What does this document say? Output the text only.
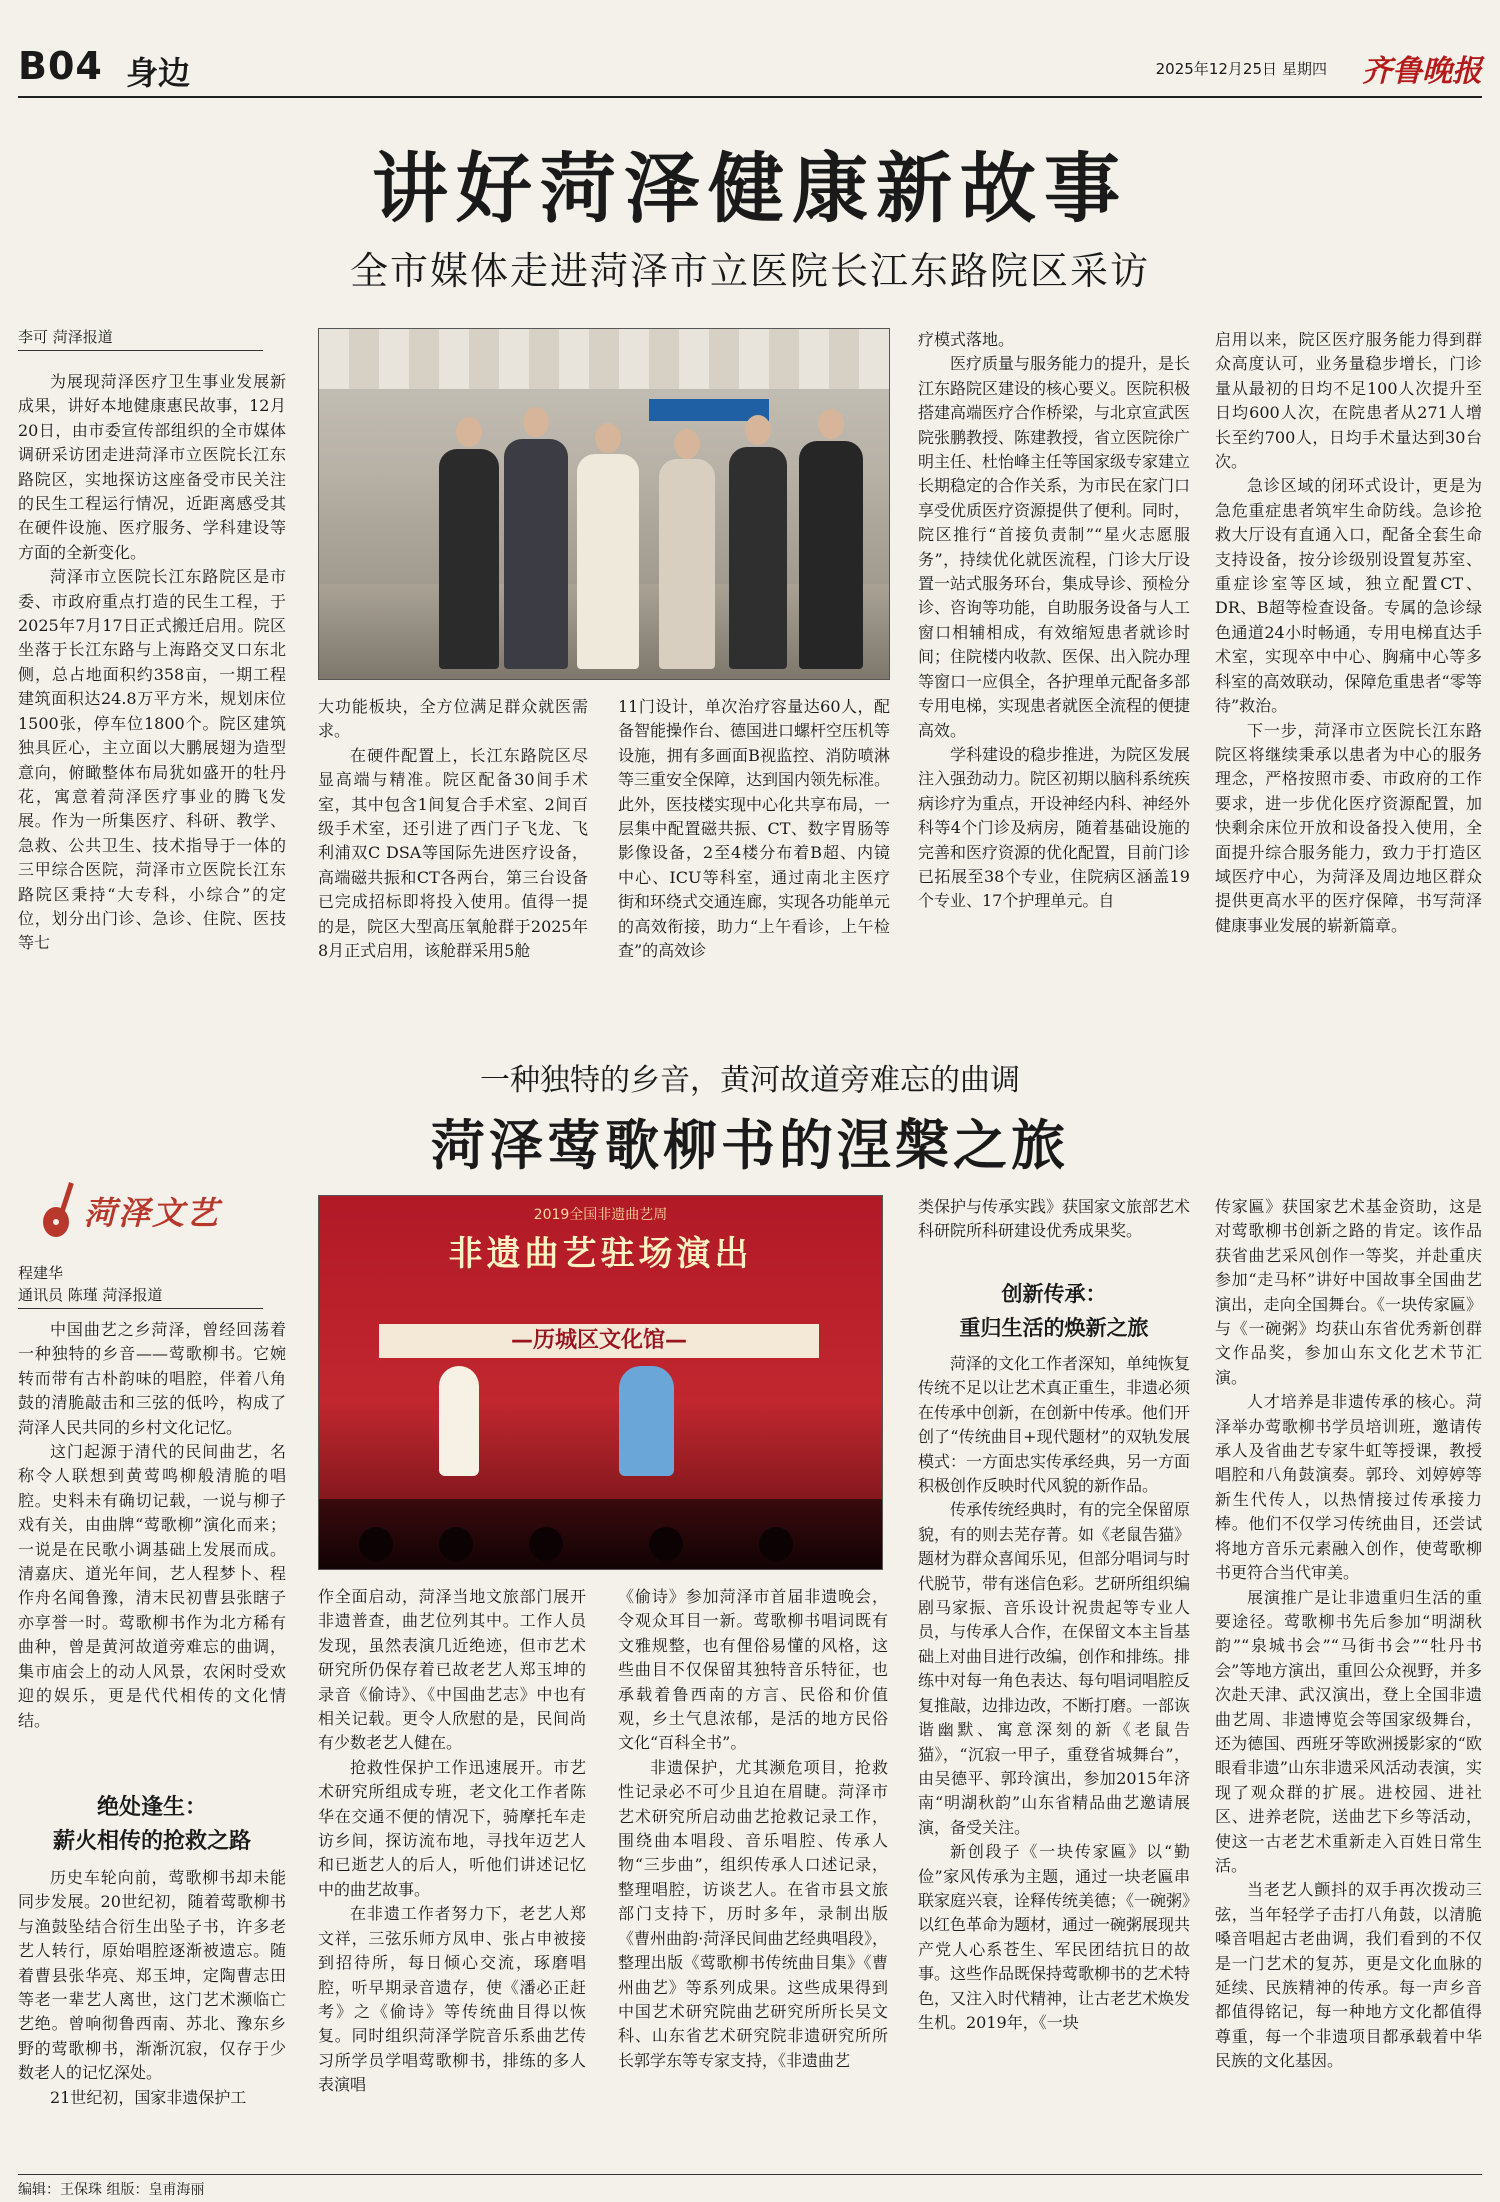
B04 身边	2025年12月25日 星期四 齐鲁晚报
讲好菏泽健康新故事
全市媒体走进菏泽市立医院长江东路院区采访
李可 菏泽报道

为展现菏泽医疗卫生事业发展新成果，讲好本地健康惠民故事，12月20日，由市委宣传部组织的全市媒体调研采访团走进菏泽市立医院长江东路院区，实地探访这座备受市民关注的民生工程运行情况，近距离感受其在硬件设施、医疗服务、学科建设等方面的全新变化。

菏泽市立医院长江东路院区是市委、市政府重点打造的民生工程，于2025年7月17日正式搬迁启用。院区坐落于长江东路与上海路交叉口东北侧，总占地面积约358亩，一期工程建筑面积达24.8万平方米，规划床位1500张，停车位1800个。院区建筑独具匠心，主立面以大鹏展翅为造型意向，俯瞰整体布局犹如盛开的牡丹花，寓意着菏泽医疗事业的腾飞发展。作为一所集医疗、科研、教学、急救、公共卫生、技术指导于一体的三甲综合医院，菏泽市立医院长江东路院区秉持“大专科，小综合”的定位，划分出门诊、急诊、住院、医技等七

大功能板块，全方位满足群众就医需求。

在硬件配置上，长江东路院区尽显高端与精准。院区配备30间手术室，其中包含1间复合手术室、2间百级手术室，还引进了西门子飞龙、飞利浦双C DSA等国际先进医疗设备，高端磁共振和CT各两台，第三台设备已完成招标即将投入使用。值得一提的是，院区大型高压氧舱群于2025年8月正式启用，该舱群采用5舱

11门设计，单次治疗容量达60人，配备智能操作台、德国进口螺杆空压机等设施，拥有多画面B视监控、消防喷淋等三重安全保障，达到国内领先标准。此外，医技楼实现中心化共享布局，一层集中配置磁共振、CT、数字胃肠等影像设备，2至4楼分布着B超、内镜中心、ICU等科室，通过南北主医疗街和环绕式交通连廊，实现各功能单元的高效衔接，助力“上午看诊，上午检查”的高效诊

疗模式落地。

医疗质量与服务能力的提升，是长江东路院区建设的核心要义。医院积极搭建高端医疗合作桥梁，与北京宣武医院张鹏教授、陈建教授，省立医院徐广明主任、杜怡峰主任等国家级专家建立长期稳定的合作关系，为市民在家门口享受优质医疗资源提供了便利。同时，院区推行“首接负责制”“星火志愿服务”，持续优化就医流程，门诊大厅设置一站式服务环台，集成导诊、预检分诊、咨询等功能，自助服务设备与人工窗口相辅相成，有效缩短患者就诊时间；住院楼内收款、医保、出入院办理等窗口一应俱全，各护理单元配备多部专用电梯，实现患者就医全流程的便捷高效。

学科建设的稳步推进，为院区发展注入强劲动力。院区初期以脑科系统疾病诊疗为重点，开设神经内科、神经外科等4个门诊及病房，随着基础设施的完善和医疗资源的优化配置，目前门诊已拓展至38个专业，住院病区涵盖19个专业、17个护理单元。自

启用以来，院区医疗服务能力得到群众高度认可，业务量稳步增长，门诊量从最初的日均不足100人次提升至日均600人次，在院患者从271人增长至约700人，日均手术量达到30台次。

急诊区域的闭环式设计，更是为急危重症患者筑牢生命防线。急诊抢救大厅设有直通入口，配备全套生命支持设备，按分诊级别设置复苏室、重症诊室等区域，独立配置CT、DR、B超等检查设备。专属的急诊绿色通道24小时畅通，专用电梯直达手术室，实现卒中中心、胸痛中心等多科室的高效联动，保障危重患者“零等待”救治。

下一步，菏泽市立医院长江东路院区将继续秉承以患者为中心的服务理念，严格按照市委、市政府的工作要求，进一步优化医疗资源配置，加快剩余床位开放和设备投入使用，全面提升综合服务能力，致力于打造区域医疗中心，为菏泽及周边地区群众提供更高水平的医疗保障，书写菏泽健康事业发展的崭新篇章。

一种独特的乡音，黄河故道旁难忘的曲调
菏泽莺歌柳书的涅槃之旅
菏泽文艺
程建华
通讯员 陈瑾 菏泽报道

中国曲艺之乡菏泽，曾经回荡着一种独特的乡音——莺歌柳书。它婉转而带有古朴韵味的唱腔，伴着八角鼓的清脆敲击和三弦的低吟，构成了菏泽人民共同的乡村文化记忆。

这门起源于清代的民间曲艺，名称令人联想到黄莺鸣柳般清脆的唱腔。史料未有确切记载，一说与柳子戏有关，由曲牌“莺歌柳”演化而来；一说是在民歌小调基础上发展而成。清嘉庆、道光年间，艺人程梦卜、程作舟名闻鲁豫，清末民初曹县张瞎子亦享誉一时。莺歌柳书作为北方稀有曲种，曾是黄河故道旁难忘的曲调，集市庙会上的动人风景，农闲时受欢迎的娱乐，更是代代相传的文化情结。

绝处逢生：
薪火相传的抢救之路

历史车轮向前，莺歌柳书却未能同步发展。20世纪初，随着莺歌柳书与渔鼓坠结合衍生出坠子书，许多老艺人转行，原始唱腔逐渐被遗忘。随着曹县张华亮、郑玉坤，定陶曹志田等老一辈艺人离世，这门艺术濒临亡艺绝。曾响彻鲁西南、苏北、豫东乡野的莺歌柳书，渐渐沉寂，仅存于少数老人的记忆深处。

21世纪初，国家非遗保护工

2019全国非遗曲艺周
非遗曲艺驻场演出
—历城区文化馆—

作全面启动，菏泽当地文旅部门展开非遗普查，曲艺位列其中。工作人员发现，虽然表演几近绝迹，但市艺术研究所仍保存着已故老艺人郑玉坤的录音《偷诗》、《中国曲艺志》中也有相关记载。更令人欣慰的是，民间尚有少数老艺人健在。

抢救性保护工作迅速展开。市艺术研究所组成专班，老文化工作者陈华在交通不便的情况下，骑摩托车走访乡间，探访流布地，寻找年迈艺人和已逝艺人的后人，听他们讲述记忆中的曲艺故事。

在非遗工作者努力下，老艺人郑文祥，三弦乐师方凤申、张占申被接到招待所，每日倾心交流，琢磨唱腔，听早期录音遗存，使《潘必正赶考》之《偷诗》等传统曲目得以恢复。同时组织菏泽学院音乐系曲艺传习所学员学唱莺歌柳书，排练的多人表演唱

《偷诗》参加菏泽市首届非遗晚会，令观众耳目一新。莺歌柳书唱词既有文雅规整，也有俚俗易懂的风格，这些曲目不仅保留其独特音乐特征，也承载着鲁西南的方言、民俗和价值观，乡土气息浓郁，是活的地方民俗文化“百科全书”。

非遗保护，尤其濒危项目，抢救性记录必不可少且迫在眉睫。菏泽市艺术研究所启动曲艺抢救记录工作，围绕曲本唱段、音乐唱腔、传承人物“三步曲”，组织传承人口述记录，整理唱腔，访谈艺人。在省市县文旅部门支持下，历时多年，录制出版《曹州曲韵·菏泽民间曲艺经典唱段》，整理出版《莺歌柳书传统曲目集》《曹州曲艺》等系列成果。这些成果得到中国艺术研究院曲艺研究所所长吴文科、山东省艺术研究院非遗研究所所长郭学东等专家支持，《非遗曲艺

类保护与传承实践》获国家文旅部艺术科研院所科研建设优秀成果奖。

创新传承：
重归生活的焕新之旅

菏泽的文化工作者深知，单纯恢复传统不足以让艺术真正重生，非遗必须在传承中创新，在创新中传承。他们开创了“传统曲目+现代题材”的双轨发展模式：一方面忠实传承经典，另一方面积极创作反映时代风貌的新作品。

传承传统经典时，有的完全保留原貌，有的则去芜存菁。如《老鼠告猫》题材为群众喜闻乐见，但部分唱词与时代脱节，带有迷信色彩。艺研所组织编剧马家振、音乐设计祝贵起等专业人员，与传承人合作，在保留文本主旨基础上对曲目进行改编，创作和排练。排练中对每一角色表达、每句唱词唱腔反复推敲，边排边改，不断打磨。一部诙谐幽默、寓意深刻的新《老鼠告猫》，“沉寂一甲子，重登省城舞台”，由吴德平、郭玲演出，参加2015年济南“明湖秋韵”山东省精品曲艺邀请展演，备受关注。

新创段子《一块传家匾》以“勤俭”家风传承为主题，通过一块老匾串联家庭兴衰，诠释传统美德；《一碗粥》以红色革命为题材，通过一碗粥展现共产党人心系苍生、军民团结抗日的故事。这些作品既保持莺歌柳书的艺术特色，又注入时代精神，让古老艺术焕发生机。2019年，《一块

传家匾》获国家艺术基金资助，这是对莺歌柳书创新之路的肯定。该作品获省曲艺采风创作一等奖，并赴重庆参加“走马杯”讲好中国故事全国曲艺演出，走向全国舞台。《一块传家匾》与《一碗粥》均获山东省优秀新创群文作品奖，参加山东文化艺术节汇演。

人才培养是非遗传承的核心。菏泽举办莺歌柳书学员培训班，邀请传承人及省曲艺专家牛虹等授课，教授唱腔和八角鼓演奏。郭玲、刘婷婷等新生代传人，以热情接过传承接力棒。他们不仅学习传统曲目，还尝试将地方音乐元素融入创作，使莺歌柳书更符合当代审美。

展演推广是让非遗重归生活的重要途径。莺歌柳书先后参加“明湖秋韵”“泉城书会”“马街书会”“牡丹书会”等地方演出，重回公众视野，并多次赴天津、武汉演出，登上全国非遗曲艺周、非遗博览会等国家级舞台，还为德国、西班牙等欧洲援影家的“欧眼看非遗”山东非遗采风活动表演，实现了观众群的扩展。进校园、进社区、进养老院，送曲艺下乡等活动，使这一古老艺术重新走入百姓日常生活。

当老艺人颤抖的双手再次拨动三弦，当年轻学子击打八角鼓，以清脆嗓音唱起古老曲调，我们看到的不仅是一门艺术的复苏，更是文化血脉的延续、民族精神的传承。每一声乡音都值得铭记，每一种地方文化都值得尊重，每一个非遗项目都承载着中华民族的文化基因。

编辑：王保珠 组版：皇甫海丽
